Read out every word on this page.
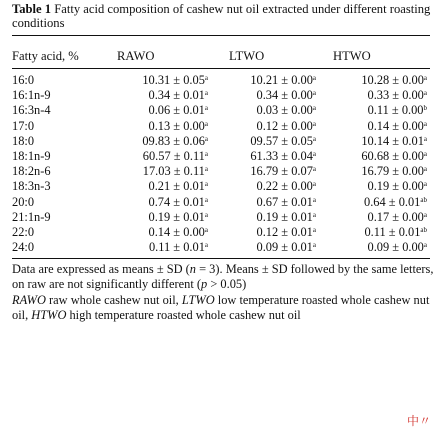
Table 1 Fatty acid composition of cashew nut oil extracted under different roasting conditions
Fatty acid, %	RAWO	LTWO	HTWO
16:0	10.31 ± 0.05$^a$	10.21 ± 0.00$^a$	10.28 ± 0.00$^a$
16:1n-9	0.34 ± 0.01$^a$	0.34 ± 0.00$^a$	0.33 ± 0.00$^a$
16:3n-4	0.06 ± 0.01$^a$	0.03 ± 0.00$^a$	0.11 ± 0.00$^b$
17:0	0.13 ± 0.00$^a$	0.12 ± 0.00$^a$	0.14 ± 0.00$^a$
18:0	09.83 ± 0.06$^a$	09.57 ± 0.05$^a$	10.14 ± 0.01$^a$
18:1n-9	60.57 ± 0.11$^a$	61.33 ± 0.04$^a$	60.68 ± 0.00$^a$
18:2n-6	17.03 ± 0.11$^a$	16.79 ± 0.07$^a$	16.79 ± 0.00$^a$
18:3n-3	0.21 ± 0.01$^a$	0.22 ± 0.00$^a$	0.19 ± 0.00$^a$
20:0	0.74 ± 0.01$^a$	0.67 ± 0.01$^a$	0.64 ± 0.01$^{ab}$
21:1n-9	0.19 ± 0.01$^a$	0.19 ± 0.01$^a$	0.17 ± 0.00$^a$
22:0	0.14 ± 0.00$^a$	0.12 ± 0.01$^a$	0.11 ± 0.01$^{ab}$
24:0	0.11 ± 0.01$^a$	0.09 ± 0.01$^a$	0.09 ± 0.00$^a$
Data are expressed as means ± SD (n = 3). Means ± SD followed by the same letters, on raw are not significantly different (p > 0.05)
RAWO raw whole cashew nut oil, LTWO low temperature roasted whole cashew nut oil, HTWO high temperature roasted whole cashew nut oil
中〃
